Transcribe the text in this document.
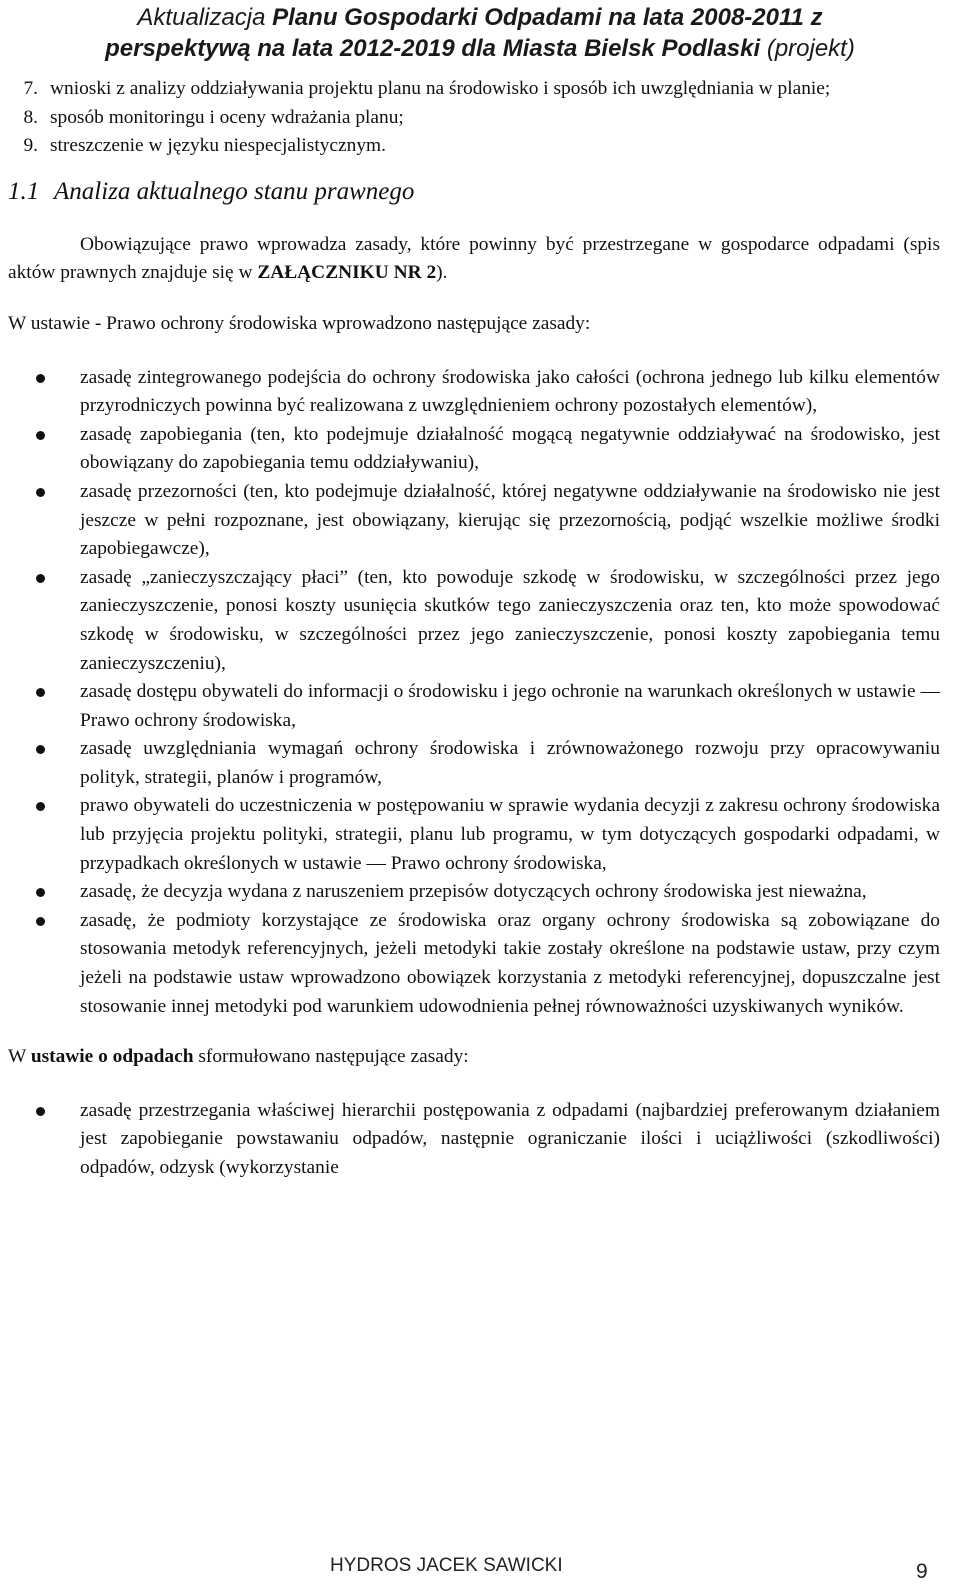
Aktualizacja Planu Gospodarki Odpadami na lata 2008-2011 z
perspektywą na lata 2012-2019 dla Miasta Bielsk Podlaski (projekt)
7. wnioski z analizy oddziaływania projektu planu na środowisko i sposób ich uwzględniania w planie;
8. sposób monitoringu i oceny wdrażania planu;
9. streszczenie w języku niespecjalistycznym.
1.1 Analiza aktualnego stanu prawnego

Obowiązujące prawo wprowadza zasady, które powinny być przestrzegane w gospodarce odpadami (spis aktów prawnych znajduje się w ZAŁĄCZNIKU NR 2).

W ustawie - Prawo ochrony środowiska wprowadzono następujące zasady:

zasadę zintegrowanego podejścia do ochrony środowiska jako całości (ochrona jednego lub kilku elementów przyrodniczych powinna być realizowana z uwzględnieniem ochrony pozostałych elementów),
zasadę zapobiegania (ten, kto podejmuje działalność mogącą negatywnie oddziaływać na środowisko, jest obowiązany do zapobiegania temu oddziaływaniu),
zasadę przezorności (ten, kto podejmuje działalność, której negatywne oddziaływanie na środowisko nie jest jeszcze w pełni rozpoznane, jest obowiązany, kierując się przezornością, podjąć wszelkie możliwe środki zapobiegawcze),
zasadę „zanieczyszczający płaci” (ten, kto powoduje szkodę w środowisku, w szczególności przez jego zanieczyszczenie, ponosi koszty usunięcia skutków tego zanieczyszczenia oraz ten, kto może spowodować szkodę w środowisku, w szczególności przez jego zanieczyszczenie, ponosi koszty zapobiegania temu zanieczyszczeniu),
zasadę dostępu obywateli do informacji o środowisku i jego ochronie na warunkach określonych w ustawie — Prawo ochrony środowiska,
zasadę uwzględniania wymagań ochrony środowiska i zrównoważonego rozwoju przy opracowywaniu polityk, strategii, planów i programów,
prawo obywateli do uczestniczenia w postępowaniu w sprawie wydania decyzji z zakresu ochrony środowiska lub przyjęcia projektu polityki, strategii, planu lub programu, w tym dotyczących gospodarki odpadami, w przypadkach określonych w ustawie — Prawo ochrony środowiska,
zasadę, że decyzja wydana z naruszeniem przepisów dotyczących ochrony środowiska jest nieważna,
zasadę, że podmioty korzystające ze środowiska oraz organy ochrony środowiska są zobowiązane do stosowania metodyk referencyjnych, jeżeli metodyki takie zostały określone na podstawie ustaw, przy czym jeżeli na podstawie ustaw wprowadzono obowiązek korzystania z metodyki referencyjnej, dopuszczalne jest stosowanie innej metodyki pod warunkiem udowodnienia pełnej równoważności uzyskiwanych wyników.

W ustawie o odpadach sformułowano następujące zasady:

zasadę przestrzegania właściwej hierarchii postępowania z odpadami (najbardziej preferowanym działaniem jest zapobieganie powstawaniu odpadów, następnie ograniczanie ilości i uciążliwości (szkodliwości) odpadów, odzysk (wykorzystanie
HYDROS JACEK SAWICKI	9
